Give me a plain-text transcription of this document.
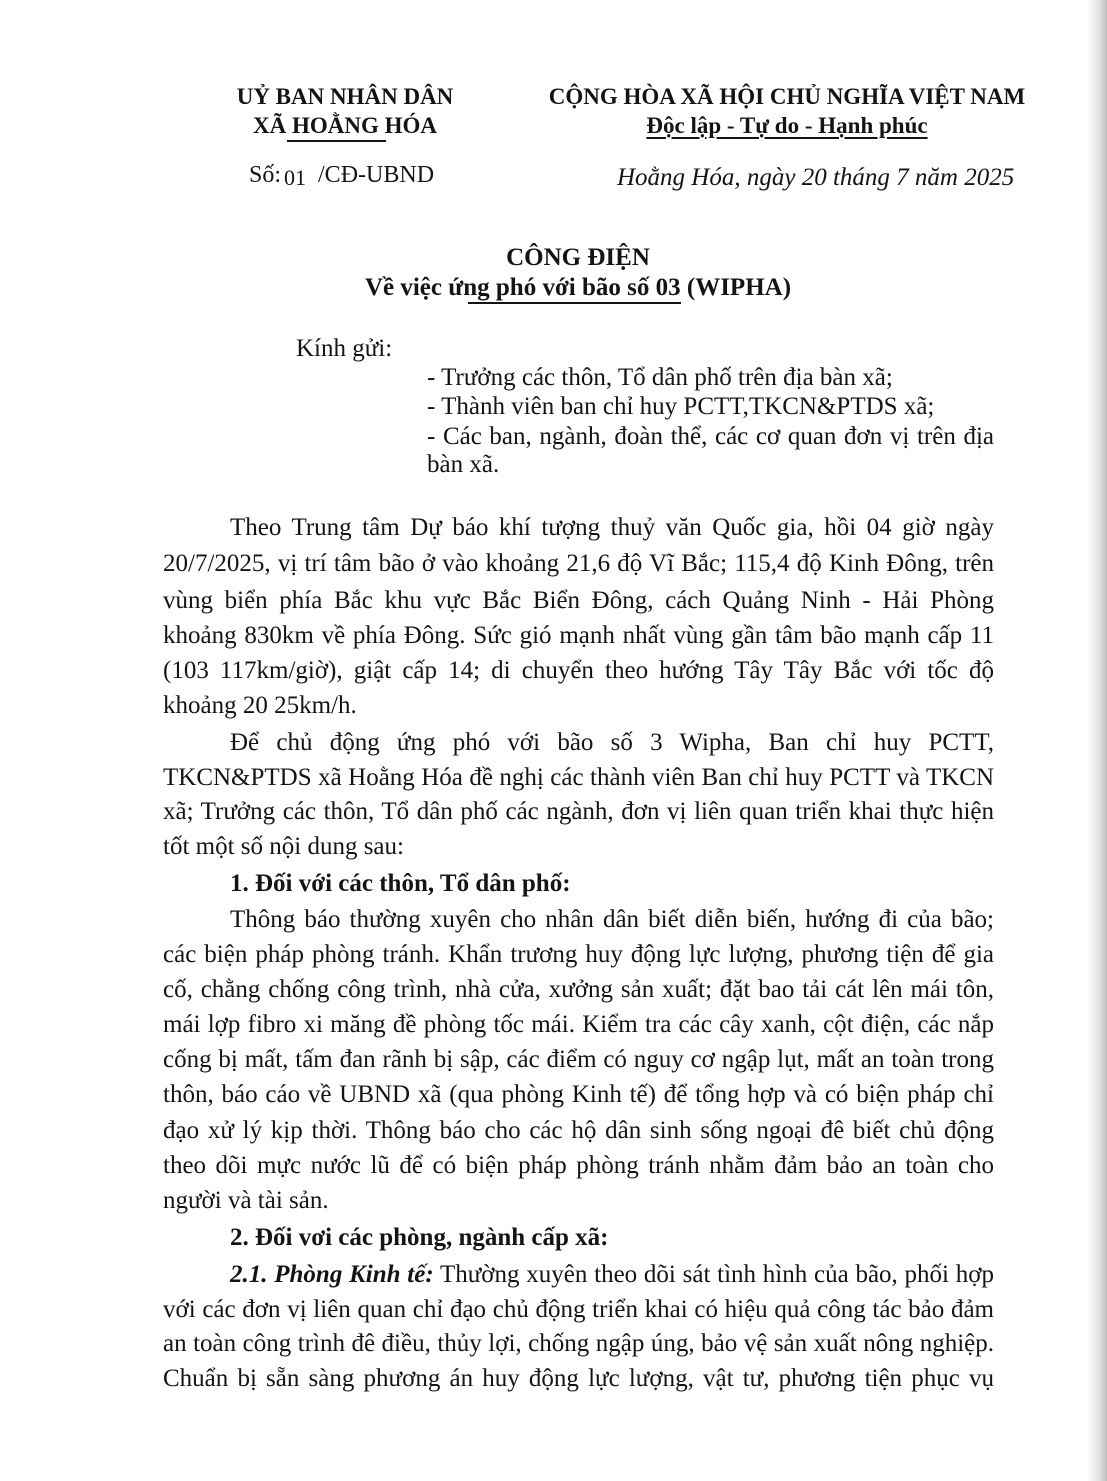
UỶ BAN NHÂN DÂN
XÃ HOẰNG HÓA
CỘNG HÒA XÃ HỘI CHỦ NGHĨA VIỆT NAM
Độc lập - Tự do - Hạnh phúc
Số: 01 /CĐ-UBND	Hoằng Hóa, ngày 20 tháng 7 năm 2025
CÔNG ĐIỆN
Về việc ứng phó với bão số 03 (WIPHA)
Kính gửi:
- Trưởng các thôn, Tổ dân phố trên địa bàn xã;
- Thành viên ban chỉ huy PCTT,TKCN&PTDS xã;
- Các ban, ngành, đoàn thể, các cơ quan đơn vị trên địa
bàn xã.
Theo Trung tâm Dự báo khí tượng thuỷ văn Quốc gia, hồi 04 giờ ngày
20/7/2025, vị trí tâm bão ở vào khoảng 21,6 độ Vĩ Bắc; 115,4 độ Kinh Đông, trên
vùng biển phía Bắc khu vực Bắc Biển Đông, cách Quảng Ninh - Hải Phòng
khoảng 830km về phía Đông. Sức gió mạnh nhất vùng gần tâm bão mạnh cấp 11
(103 117km/giờ), giật cấp 14; di chuyển theo hướng Tây Tây Bắc với tốc độ
khoảng 20 25km/h.
Để chủ động ứng phó với bão số 3 Wipha, Ban chỉ huy PCTT,
TKCN&PTDS xã Hoằng Hóa đề nghị các thành viên Ban chỉ huy PCTT và TKCN
xã; Trưởng các thôn, Tổ dân phố các ngành, đơn vị liên quan triển khai thực hiện
tốt một số nội dung sau:
1. Đối với các thôn, Tổ dân phố:
Thông báo thường xuyên cho nhân dân biết diễn biến, hướng đi của bão;
các biện pháp phòng tránh. Khẩn trương huy động lực lượng, phương tiện để gia
cố, chằng chống công trình, nhà cửa, xưởng sản xuất; đặt bao tải cát lên mái tôn,
mái lợp fibro xi măng đề phòng tốc mái. Kiểm tra các cây xanh, cột điện, các nắp
cống bị mất, tấm đan rãnh bị sập, các điểm có nguy cơ ngập lụt, mất an toàn trong
thôn, báo cáo về UBND xã (qua phòng Kinh tế) để tổng hợp và có biện pháp chỉ
đạo xử lý kịp thời. Thông báo cho các hộ dân sinh sống ngoại đê biết chủ động
theo dõi mực nước lũ để có biện pháp phòng tránh nhằm đảm bảo an toàn cho
người và tài sản.
2. Đối vơi các phòng, ngành cấp xã:
2.1. Phòng Kinh tế: Thường xuyên theo dõi sát tình hình của bão, phối hợp
với các đơn vị liên quan chỉ đạo chủ động triển khai có hiệu quả công tác bảo đảm
an toàn công trình đê điều, thủy lợi, chống ngập úng, bảo vệ sản xuất nông nghiệp.
Chuẩn bị sẵn sàng phương án huy động lực lượng, vật tư, phương tiện phục vụ
